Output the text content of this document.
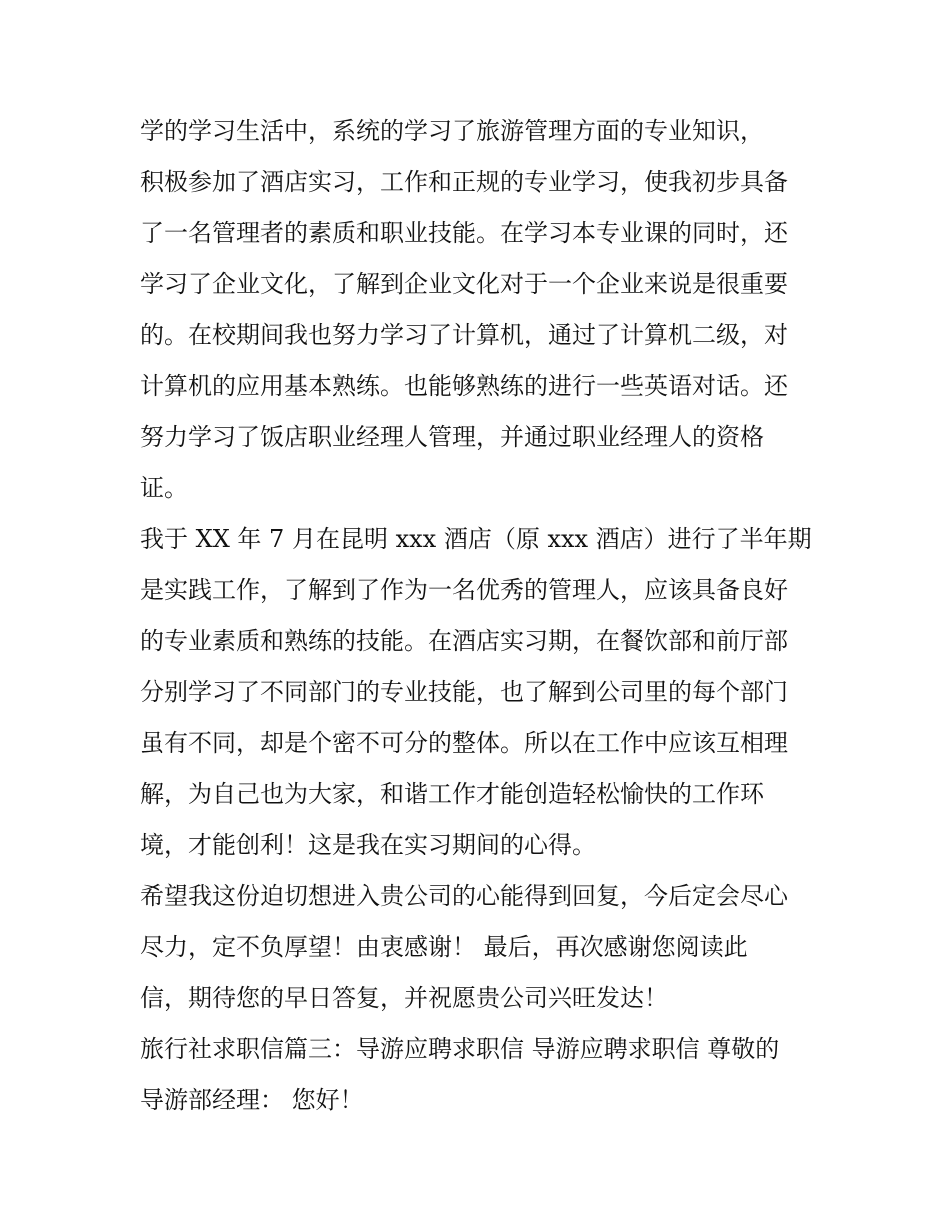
学的学习生活中，系统的学习了旅游管理方面的专业知识，
积极参加了酒店实习，工作和正规的专业学习，使我初步具备
了一名管理者的素质和职业技能。在学习本专业课的同时，还
学习了企业文化，了解到企业文化对于一个企业来说是很重要
的。在校期间我也努力学习了计算机，通过了计算机二级，对
计算机的应用基本熟练。也能够熟练的进行一些英语对话。还
努力学习了饭店职业经理人管理，并通过职业经理人的资格
证。
我于 XX 年 7 月在昆明 xxx 酒店（原 xxx 酒店）进行了半年期
是实践工作，了解到了作为一名优秀的管理人，应该具备良好
的专业素质和熟练的技能。在酒店实习期，在餐饮部和前厅部
分别学习了不同部门的专业技能，也了解到公司里的每个部门
虽有不同，却是个密不可分的整体。所以在工作中应该互相理
解，为自己也为大家，和谐工作才能创造轻松愉快的工作环
境，才能创利！这是我在实习期间的心得。
希望我这份迫切想进入贵公司的心能得到回复，今后定会尽心
尽力，定不负厚望！由衷感谢！ 最后，再次感谢您阅读此
信，期待您的早日答复，并祝愿贵公司兴旺发达！
旅行社求职信篇三：导游应聘求职信 导游应聘求职信 尊敬的
导游部经理： 您好！
